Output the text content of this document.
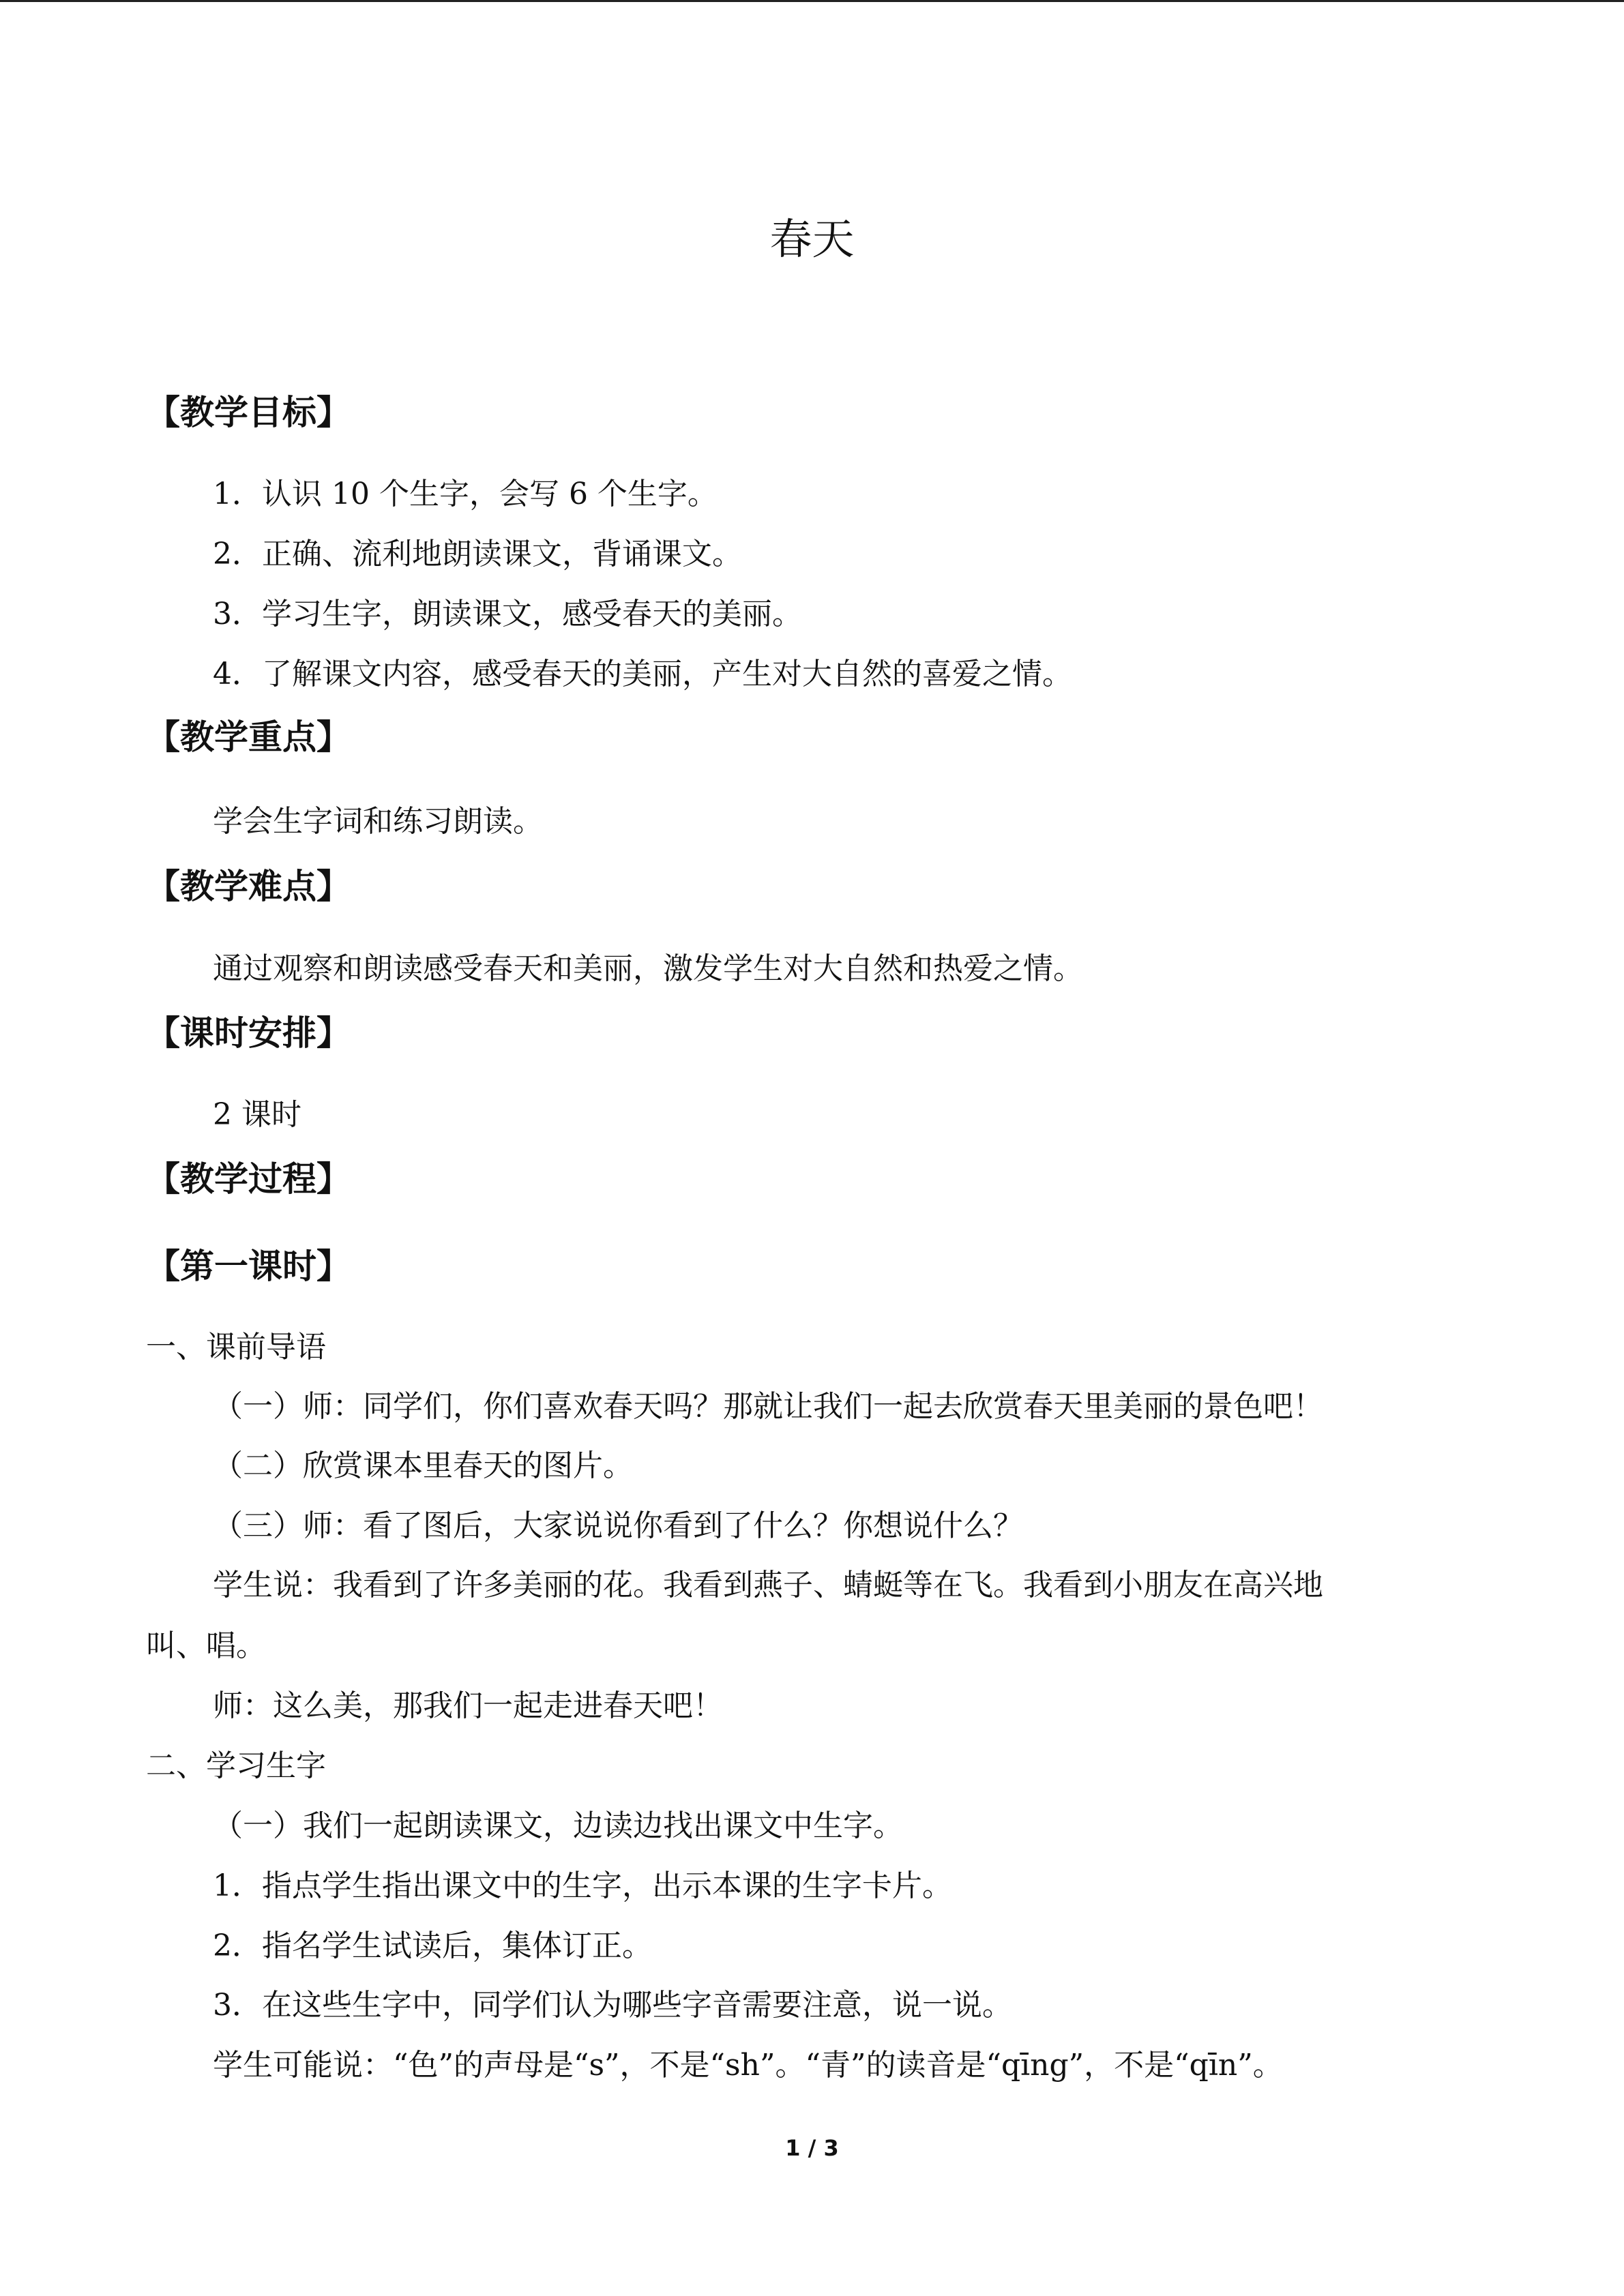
春天
【教学目标】
1．认识 10 个生字，会写 6 个生字。
2．正确、流利地朗读课文，背诵课文。
3．学习生字，朗读课文，感受春天的美丽。
4．了解课文内容，感受春天的美丽，产生对大自然的喜爱之情。
【教学重点】
学会生字词和练习朗读。
【教学难点】
通过观察和朗读感受春天和美丽，激发学生对大自然和热爱之情。
【课时安排】
2 课时
【教学过程】
【第一课时】
一、课前导语
（一）师：同学们，你们喜欢春天吗？那就让我们一起去欣赏春天里美丽的景色吧！
（二）欣赏课本里春天的图片。
（三）师：看了图后，大家说说你看到了什么？你想说什么？
学生说：我看到了许多美丽的花。我看到燕子、蜻蜓等在飞。我看到小朋友在高兴地
叫、唱。
师：这么美，那我们一起走进春天吧！
二、学习生字
（一）我们一起朗读课文，边读边找出课文中生字。
1．指点学生指出课文中的生字，出示本课的生字卡片。
2．指名学生试读后，集体订正。
3．在这些生字中，同学们认为哪些字音需要注意，说一说。
学生可能说：“色”的声母是“s”，不是“sh”。“青”的读音是“qīng”，不是“qīn”。
1 / 3
